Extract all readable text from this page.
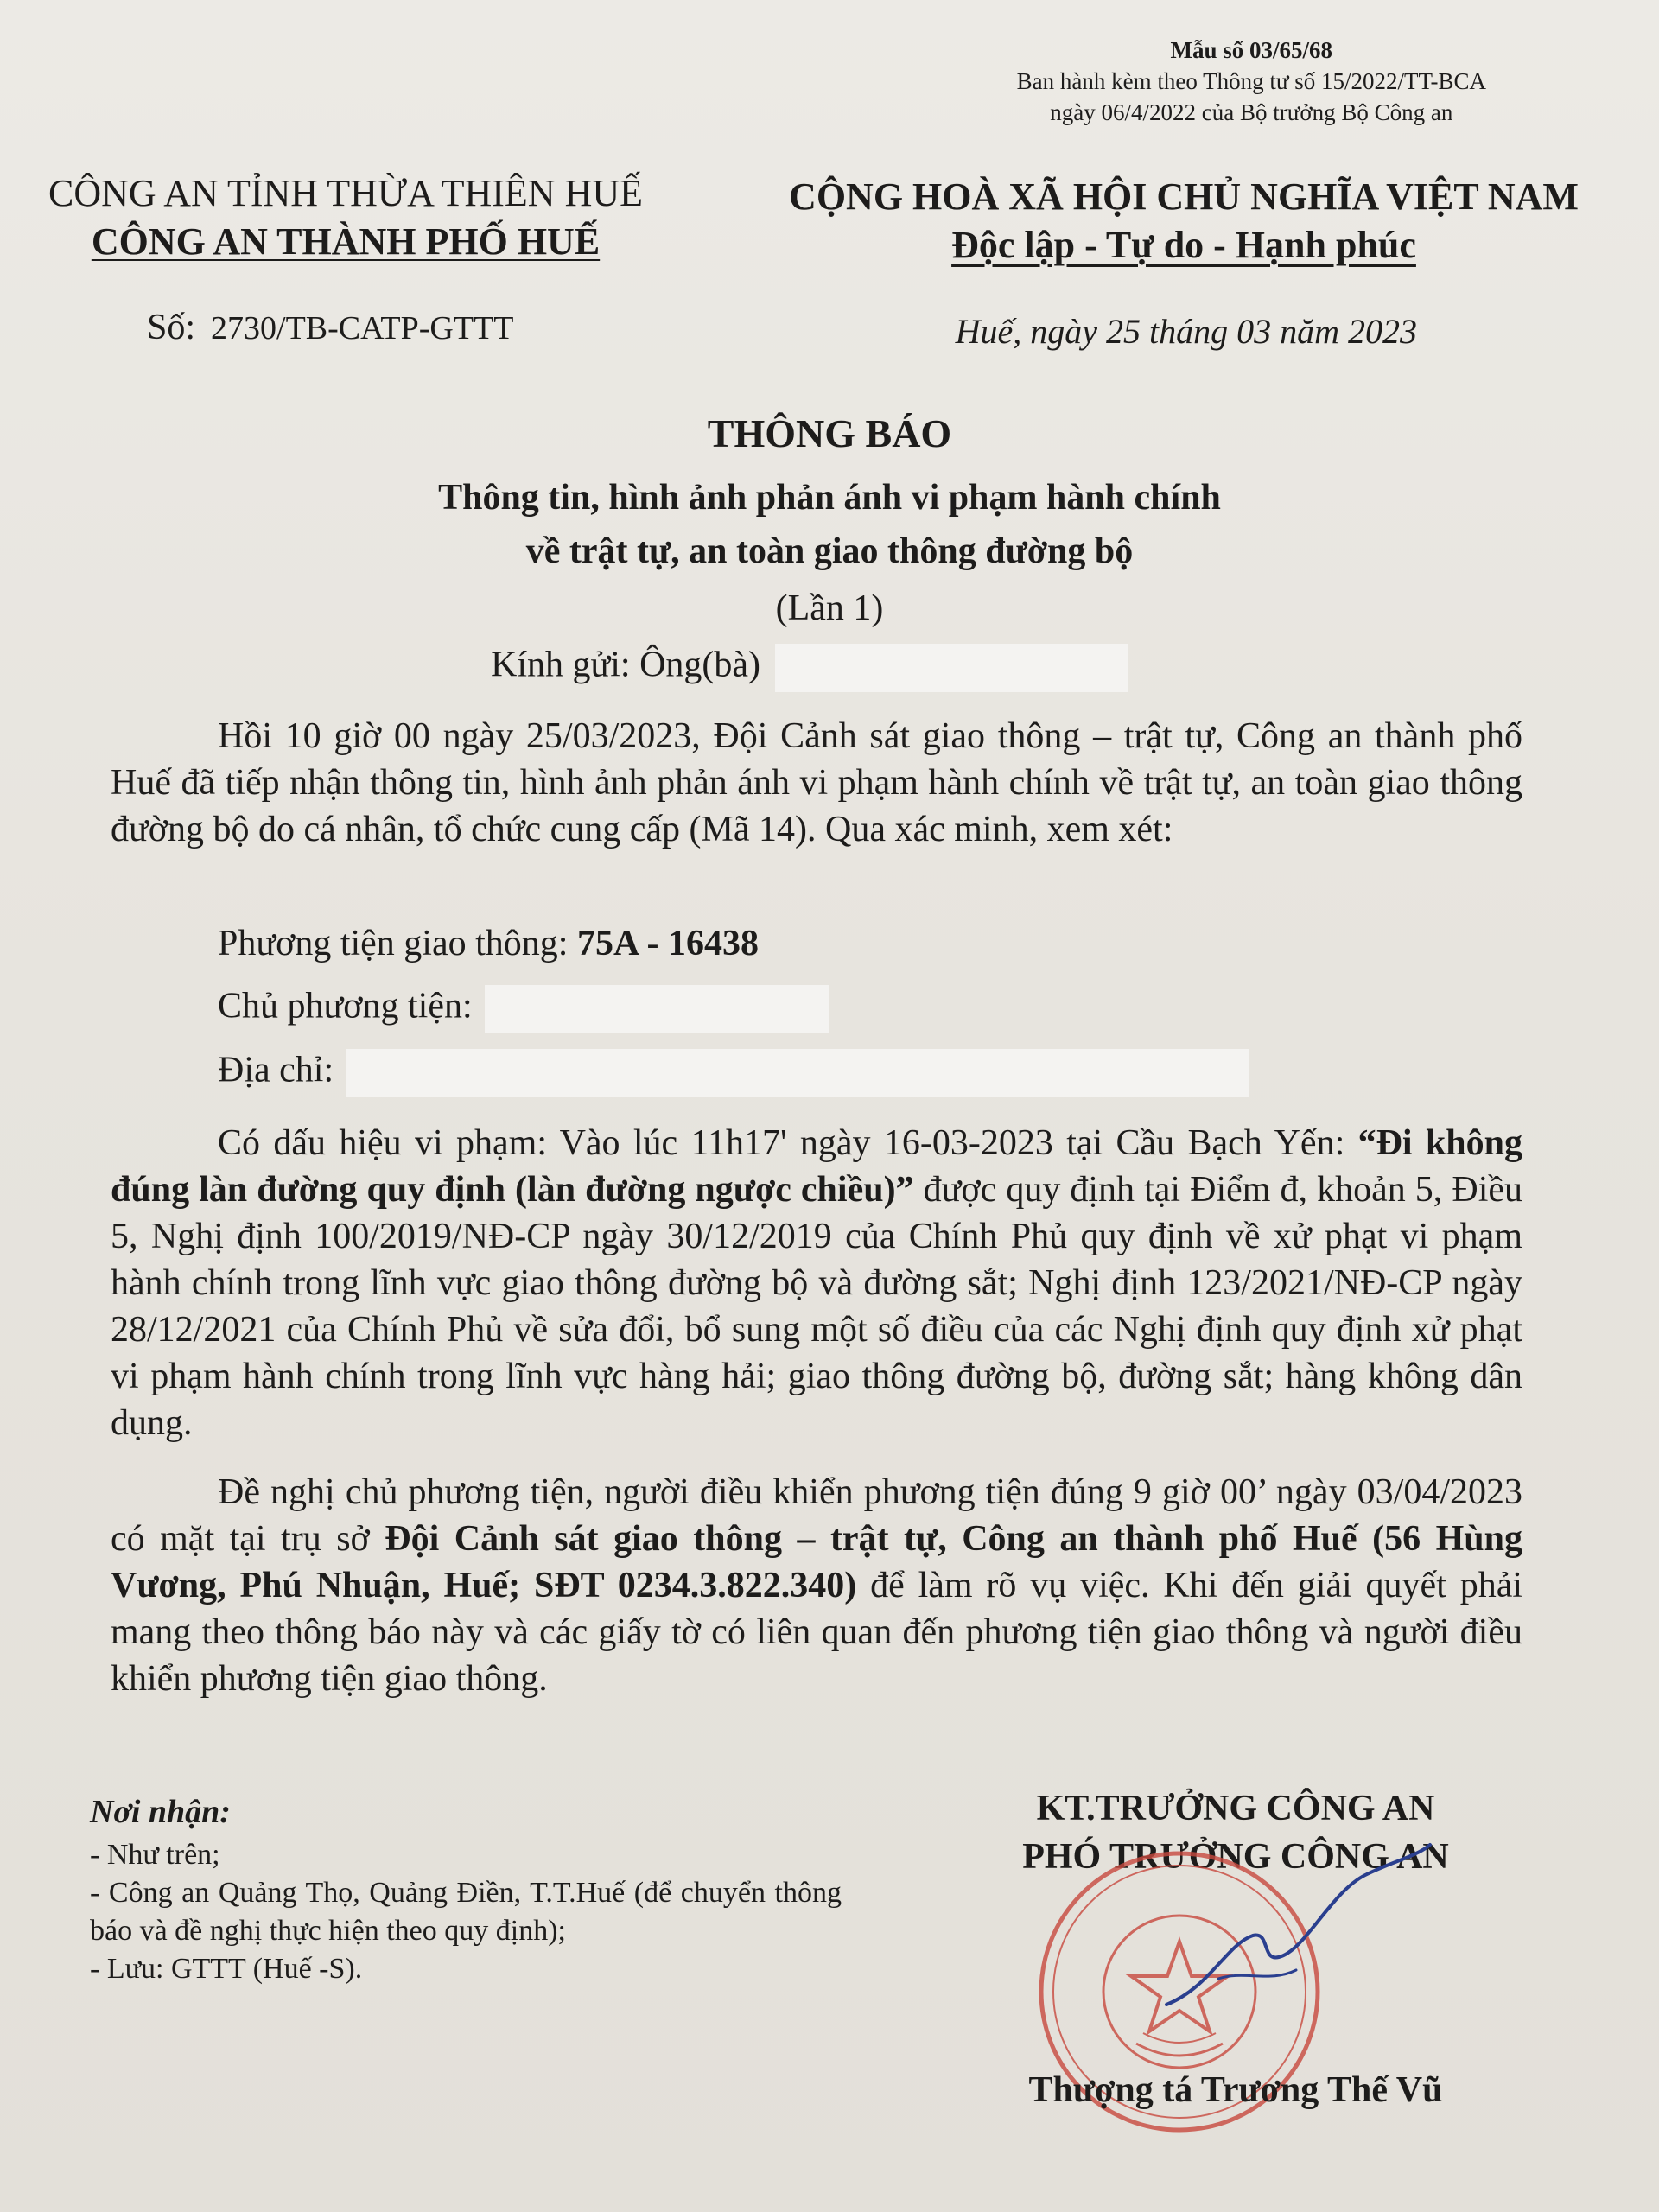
Mẫu số 03/65/68
Ban hành kèm theo Thông tư số 15/2022/TT-BCA
ngày 06/4/2022 của Bộ trưởng Bộ Công an
CÔNG AN TỈNH THỪA THIÊN HUẾ
CÔNG AN THÀNH PHỐ HUẾ
CỘNG HOÀ XÃ HỘI CHỦ NGHĨA VIỆT NAM
Độc lập - Tự do - Hạnh phúc
Số: 2730/TB-CATP-GTTT	Huế, ngày 25 tháng 03 năm 2023
THÔNG BÁO
Thông tin, hình ảnh phản ánh vi phạm hành chính
về trật tự, an toàn giao thông đường bộ
(Lần 1)
Kính gửi: Ông(bà)

Hồi 10 giờ 00 ngày 25/03/2023, Đội Cảnh sát giao thông – trật tự, Công an thành phố Huế đã tiếp nhận thông tin, hình ảnh phản ánh vi phạm hành chính về trật tự, an toàn giao thông đường bộ do cá nhân, tổ chức cung cấp (Mã 14). Qua xác minh, xem xét:

Phương tiện giao thông: 75A - 16438
Chủ phương tiện:
Địa chỉ:

Có dấu hiệu vi phạm: Vào lúc 11h17' ngày 16-03-2023 tại Cầu Bạch Yến: “Đi không đúng làn đường quy định (làn đường ngược chiều)” được quy định tại Điểm đ, khoản 5, Điều 5, Nghị định 100/2019/NĐ-CP ngày 30/12/2019 của Chính Phủ quy định về xử phạt vi phạm hành chính trong lĩnh vực giao thông đường bộ và đường sắt; Nghị định 123/2021/NĐ-CP ngày 28/12/2021 của Chính Phủ về sửa đổi, bổ sung một số điều của các Nghị định quy định xử phạt vi phạm hành chính trong lĩnh vực hàng hải; giao thông đường bộ, đường sắt; hàng không dân dụng.

Đề nghị chủ phương tiện, người điều khiển phương tiện đúng 9 giờ 00’ ngày 03/04/2023 có mặt tại trụ sở Đội Cảnh sát giao thông – trật tự, Công an thành phố Huế (56 Hùng Vương, Phú Nhuận, Huế; SĐT 0234.3.822.340) để làm rõ vụ việc. Khi đến giải quyết phải mang theo thông báo này và các giấy tờ có liên quan đến phương tiện giao thông và người điều khiển phương tiện giao thông.

Nơi nhận:
- Như trên;
- Công an Quảng Thọ, Quảng Điền, T.T.Huế (để chuyển thông báo và đề nghị thực hiện theo quy định);
- Lưu: GTTT (Huế -S).
KT.TRƯỞNG CÔNG AN
PHÓ TRƯỞNG CÔNG AN
Thượng tá Trương Thế Vũ
